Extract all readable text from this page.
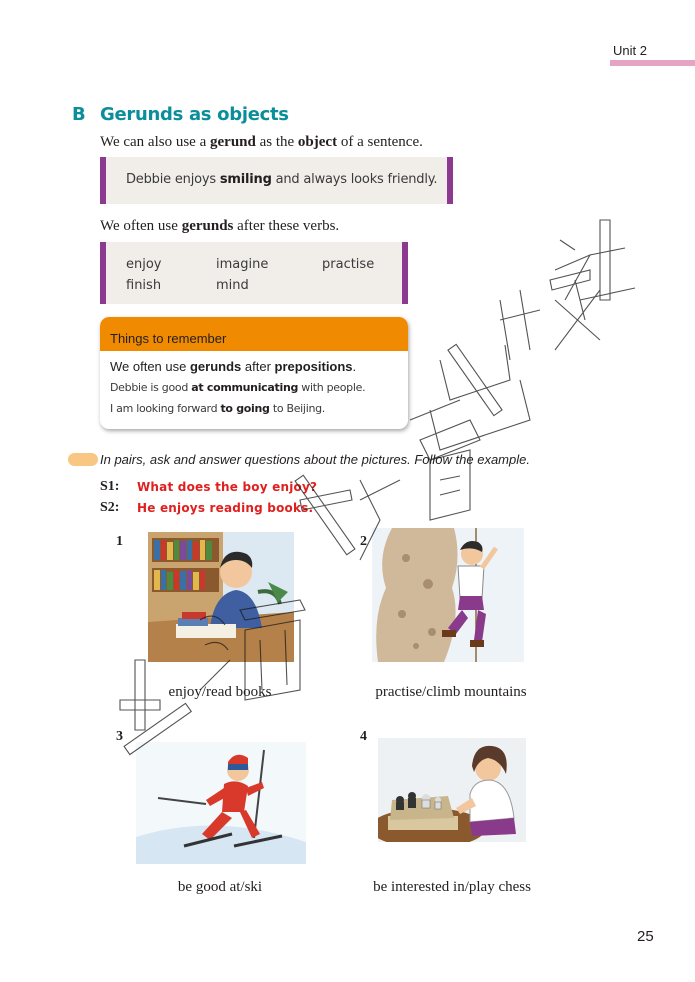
Unit 2
B Gerunds as objects
We can also use a gerund as the object of a sentence.
Debbie enjoys smiling and always looks friendly.
We often use gerunds after these verbs.
enjoy	imagine	practise
finish	mind
Things to remember
We often use gerunds after prepositions.
Debbie is good at communicating with people.
I am looking forward to going to Beijing.
In pairs, ask and answer questions about the pictures. Follow the example.
S1: What does the boy enjoy?
S2: He enjoys reading books.
1
enjoy/read books
2
practise/climb mountains
3
be good at/ski
4
be interested in/play chess
25
